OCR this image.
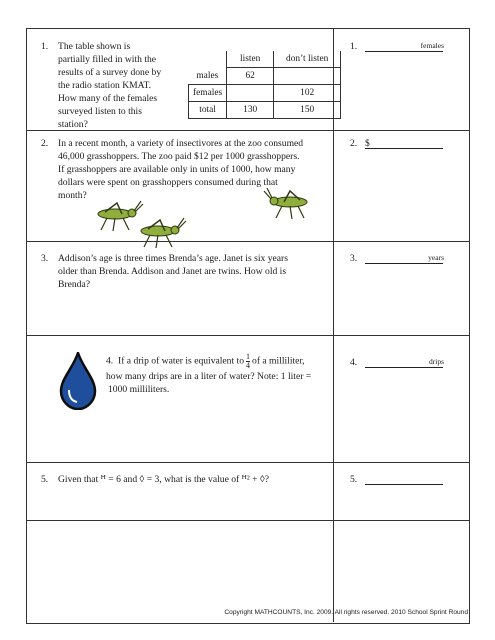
1. The table shown is
partially filled in with the
results of a survey done by
the radio station KMAT.
How many of the females
surveyed listen to this
station?
	listen	don’t listen
males	62	
females		102
total	130	150
1.	females
2. In a recent month, a variety of insectivores at the zoo consumed
46,000 grasshoppers. The zoo paid $12 per 1000 grasshoppers.
If grasshoppers are available only in units of 1000, how many
dollars were spent on grasshoppers consumed during that
month?
2. $
3. Addison’s age is three times Brenda’s age. Janet is six years
older than Brenda. Addison and Janet are twins. How old is
Brenda?
3.	years
4. If a drip of water is equivalent to $\frac{1}{4}$ of a milliliter,
how many drips are in a liter of water? Note: 1 liter =
1000 milliliters.
4.	drips
5. Given that ꟸ = 6 and ◊ = 3, what is the value of ꟸ² + ◊?	5.
Copyright MATHCOUNTS, Inc. 2009. All rights reserved. 2010 School Sprint Round
